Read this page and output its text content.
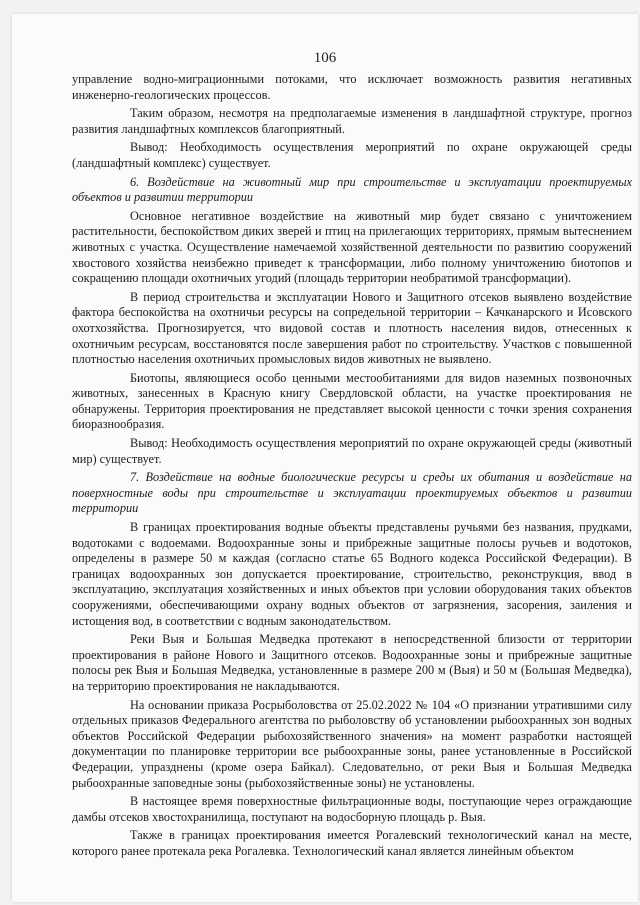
106

управление водно-миграционными потоками, что исключает возможность развития негативных инженерно-геологических процессов.

Таким образом, несмотря на предполагаемые изменения в ландшафтной структуре, прогноз развития ландшафтных комплексов благоприятный.

Вывод: Необходимость осуществления мероприятий по охране окружающей среды (ландшафтный комплекс) существует.

6. Воздействие на животный мир при строительстве и эксплуатации проектируемых объектов и развитии территории

Основное негативное воздействие на животный мир будет связано с уничтожением растительности, беспокойством диких зверей и птиц на прилегающих территориях, прямым вытеснением животных с участка. Осуществление намечаемой хозяйственной деятельности по развитию сооружений хвостового хозяйства неизбежно приведет к трансформации, либо полному уничтожению биотопов и сокращению площади охотничьих угодий (площадь территории необратимой трансформации).

В период строительства и эксплуатации Нового и Защитного отсеков выявлено воздействие фактора беспокойства на охотничьи ресурсы на сопредельной территории – Качканарского и Исовского охотхозяйства. Прогнозируется, что видовой состав и плотность населения видов, отнесенных к охотничьим ресурсам, восстановятся после завершения работ по строительству. Участков с повышенной плотностью населения охотничьих промысловых видов животных не выявлено.

Биотопы, являющиеся особо ценными местообитаниями для видов наземных позвоночных животных, занесенных в Красную книгу Свердловской области, на участке проектирования не обнаружены. Территория проектирования не представляет высокой ценности с точки зрения сохранения биоразнообразия.

Вывод: Необходимость осуществления мероприятий по охране окружающей среды (животный мир) существует.

7. Воздействие на водные биологические ресурсы и среды их обитания и воздействие на поверхностные воды при строительстве и эксплуатации проектируемых объектов и развитии территории

В границах проектирования водные объекты представлены ручьями без названия, прудками, водотоками с водоемами. Водоохранные зоны и прибрежные защитные полосы ручьев и водотоков, определены в размере 50 м каждая (согласно статье 65 Водного кодекса Российской Федерации). В границах водоохранных зон допускается проектирование, строительство, реконструкция, ввод в эксплуатацию, эксплуатация хозяйственных и иных объектов при условии оборудования таких объектов сооружениями, обеспечивающими охрану водных объектов от загрязнения, засорения, заиления и истощения вод, в соответствии с водным законодательством.

Реки Выя и Большая Медведка протекают в непосредственной близости от территории проектирования в районе Нового и Защитного отсеков. Водоохранные зоны и прибрежные защитные полосы рек Выя и Большая Медведка, установленные в размере 200 м (Выя) и 50 м (Большая Медведка), на территорию проектирования не накладываются.

На основании приказа Росрыболовства от 25.02.2022 № 104 «О признании утратившими силу отдельных приказов Федерального агентства по рыболовству об установлении рыбоохранных зон водных объектов Российской Федерации рыбохозяйственного значения» на момент разработки настоящей документации по планировке территории все рыбоохранные зоны, ранее установленные в Российской Федерации, упразднены (кроме озера Байкал). Следовательно, от реки Выя и Большая Медведка рыбоохранные заповедные зоны (рыбохозяйственные зоны) не установлены.

В настоящее время поверхностные фильтрационные воды, поступающие через ограждающие дамбы отсеков хвостохранилища, поступают на водосборную площадь р. Выя.

Также в границах проектирования имеется Рогалевский технологический канал на месте, которого ранее протекала река Рогалевка. Технологический канал является линейным объектом
